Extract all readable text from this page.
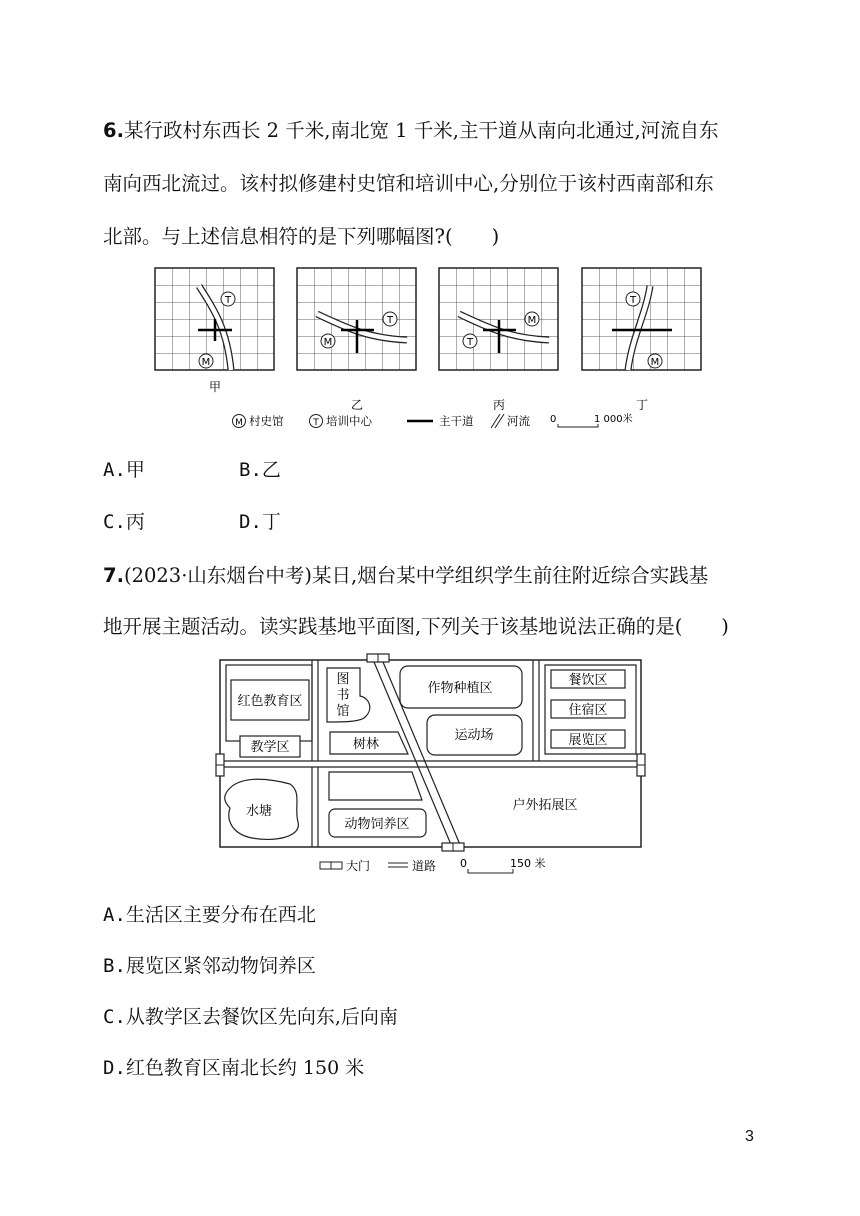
6.某行政村东西长 2 千米,南北宽 1 千米,主干道从南向北通过,河流自东

南向西北流过。该村拟修建村史馆和培训中心,分别位于该村西南部和东

北部。与上述信息相符的是下列哪幅图?(　　)

T
M
甲
T
M
乙
M
T
丙
T
M
丁
M 村史馆	T 培训中心	主干道	河流 0	1 000米

A.甲	B.乙

C.丙	D.丁

7.(2023·山东烟台中考)某日,烟台某中学组织学生前往附近综合实践基

地开展主题活动。读实践基地平面图,下列关于该基地说法正确的是(　　)

红色教育区
教学区
图
书
馆
树林
作物种植区
运动场
餐饮区
住宿区
展览区
水塘
动物饲养区
户外拓展区
大门	道路 0	150 米

A.生活区主要分布在西北

B.展览区紧邻动物饲养区

C.从教学区去餐饮区先向东,后向南

D.红色教育区南北长约 150 米

3
